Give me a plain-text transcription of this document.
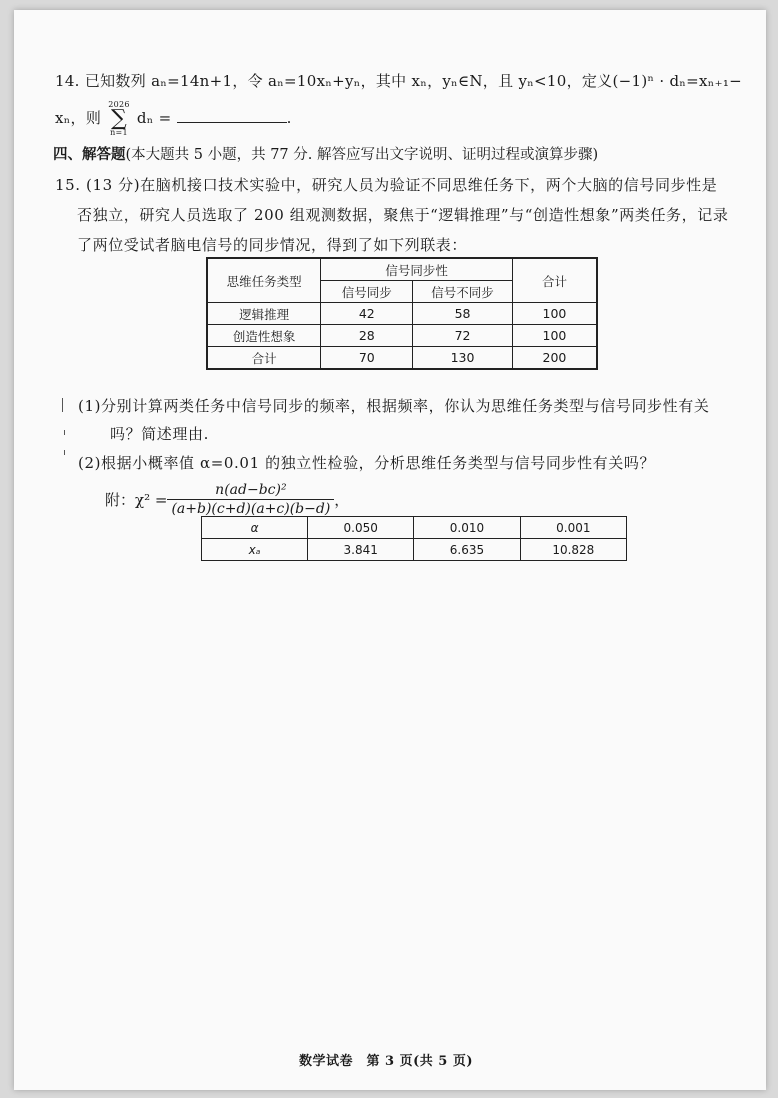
14. 已知数列 aₙ=14n+1，令 aₙ=10xₙ+yₙ，其中 xₙ，yₙ∈N，且 yₙ<10，定义(−1)ⁿ · dₙ=xₙ₊₁−
xₙ，则
2026
∑
n=1
dₙ =	.
四、解答题(本大题共 5 小题，共 77 分. 解答应写出文字说明、证明过程或演算步骤)
15. (13 分)在脑机接口技术实验中，研究人员为验证不同思维任务下，两个大脑的信号同步性是
否独立，研究人员选取了 200 组观测数据，聚焦于“逻辑推理”与“创造性想象”两类任务，记录
了两位受试者脑电信号的同步情况，得到了如下列联表：
思维任务类型	信号同步性		合计
	信号同步	信号不同步	
逻辑推理	42	58	100
创造性想象	28	72	100
合计	70	130	200
(1)分别计算两类任务中信号同步的频率，根据频率，你认为思维任务类型与信号同步性有关
吗？简述理由.
(2)根据小概率值 α=0.01 的独立性检验，分析思维任务类型与信号同步性有关吗？
附：$\chi^2 = \frac{\text{n(ad−bc)²}}{(a+b)(c+d)(a+c)(b-d)}$ ，
α	0.050	0.010	0.001
xₐ	3.841	6.635	10.828
数学试卷　第 3 页(共 5 页)
